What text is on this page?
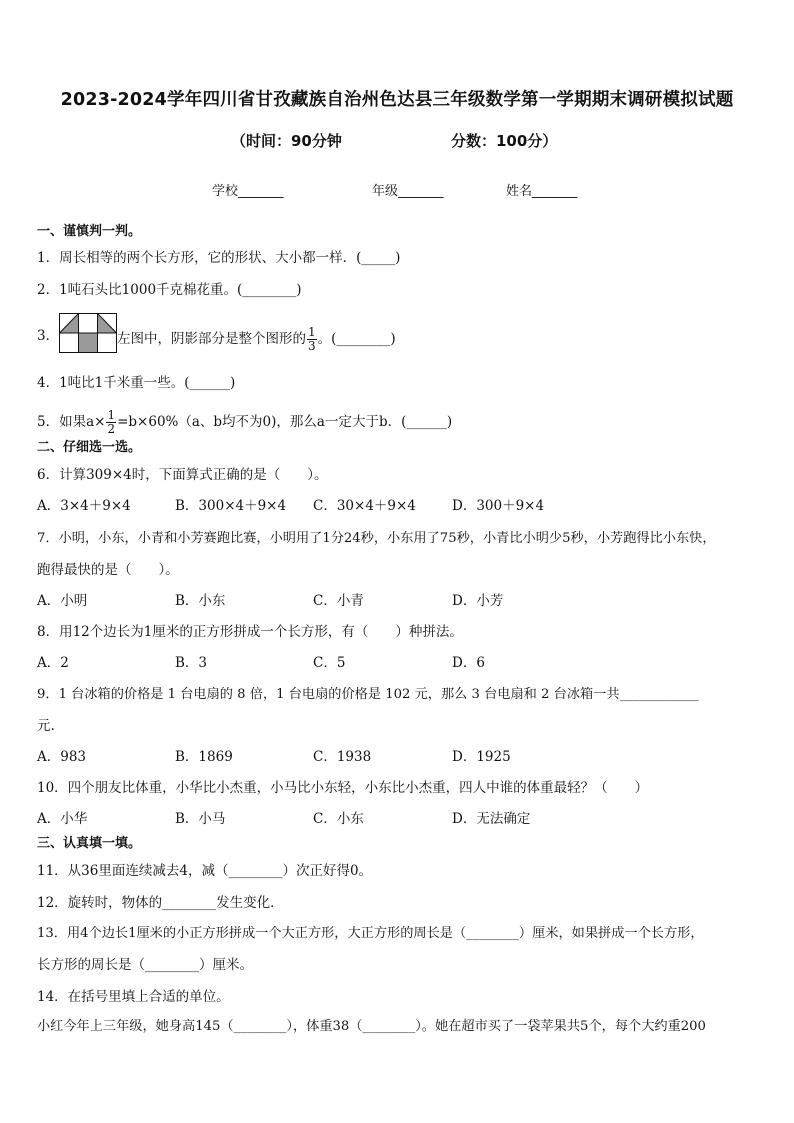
2023-2024学年四川省甘孜藏族自治州色达县三年级数学第一学期期末调研模拟试题
（时间：90分钟	分数：100分）
学校_______	年级_______	姓名_______
一、谨慎判一判。
1．周长相等的两个长方形，它的形状、大小都一样．(_____)
2．1吨石头比1000千克棉花重。(________)
3．	左图中，阴影部分是整个图形的 $\frac{1}{3}$ 。(________)
4．1吨比1千米重一些。(______)
5．如果$a\times \frac{1}{2} =b\times 60\%(a$、b均不为0)，那么a一定大于b．(______)
二、仔细选一选。
6．计算309×4时，下面算式正确的是（　　）。
A．3×4＋9×4	B．300×4＋9×4 C．30×4＋9×4	D．300＋9×4
7．小明，小东，小青和小芳赛跑比赛，小明用了1分24秒，小东用了75秒，小青比小明少5秒，小芳跑得比小东快，
跑得最快的是（　　）。
A．小明	B．小东	C．小青	D．小芳
8．用12个边长为1厘米的正方形拼成一个长方形，有（　　）种拼法。
A．2	B．3	C．5	D．6
9．1 台冰箱的价格是 1 台电扇的 8 倍，1 台电扇的价格是 102 元，那么 3 台电扇和 2 台冰箱一共____________
元.
A．983	B．1869	C．1938	D．1925
10．四个朋友比体重，小华比小杰重，小马比小东轻，小东比小杰重，四人中谁的体重最轻？（　　）
A．小华	B．小马	C．小东	D．无法确定
三、认真填一填。
11．从36里面连续减去4，减（________）次正好得0。
12．旋转时，物体的________发生变化．
13．用4个边长1厘米的小正方形拼成一个大正方形，大正方形的周长是（________）厘米，如果拼成一个长方形，
长方形的周长是（________）厘米。
14．在括号里填上合适的单位。
小红今年上三年级，她身高145（________），体重38（________）。她在超市买了一袋苹果共5个，每个大约重200
